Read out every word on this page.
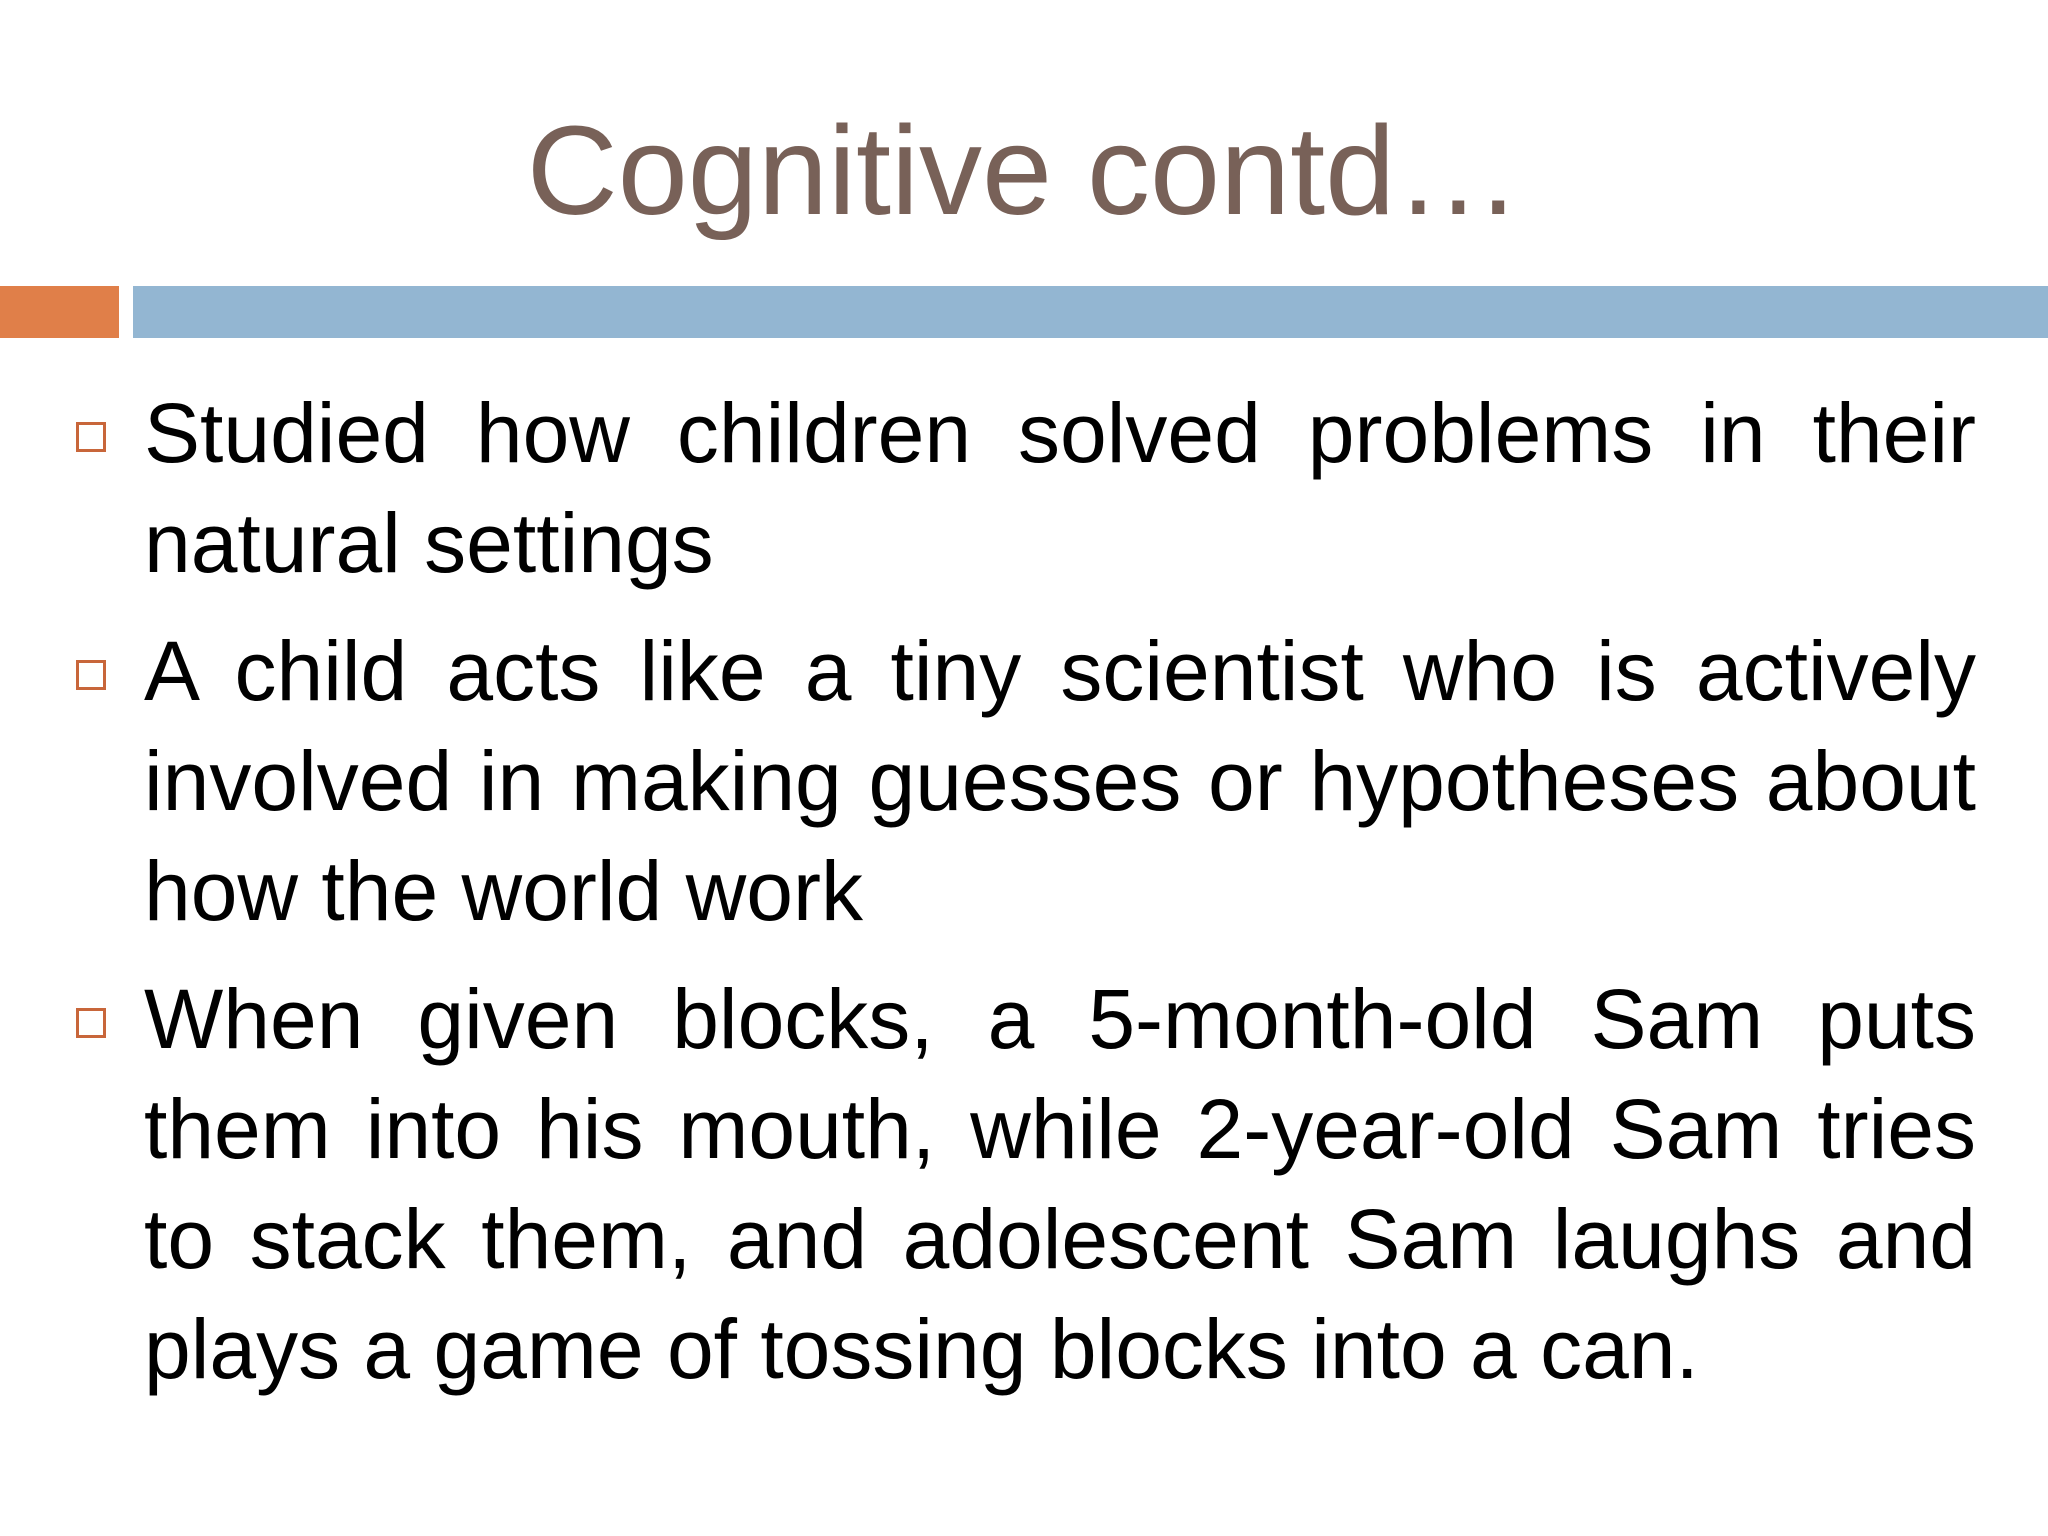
Cognitive contd…
Studied how children solved problems in their natural settings
A child acts like a tiny scientist who is actively involved in making guesses or hypotheses about how the world work
When given blocks, a 5-month-old Sam puts them into his mouth, while 2-year-old Sam tries to stack them, and adolescent Sam laughs and plays a game of tossing blocks into a can.
